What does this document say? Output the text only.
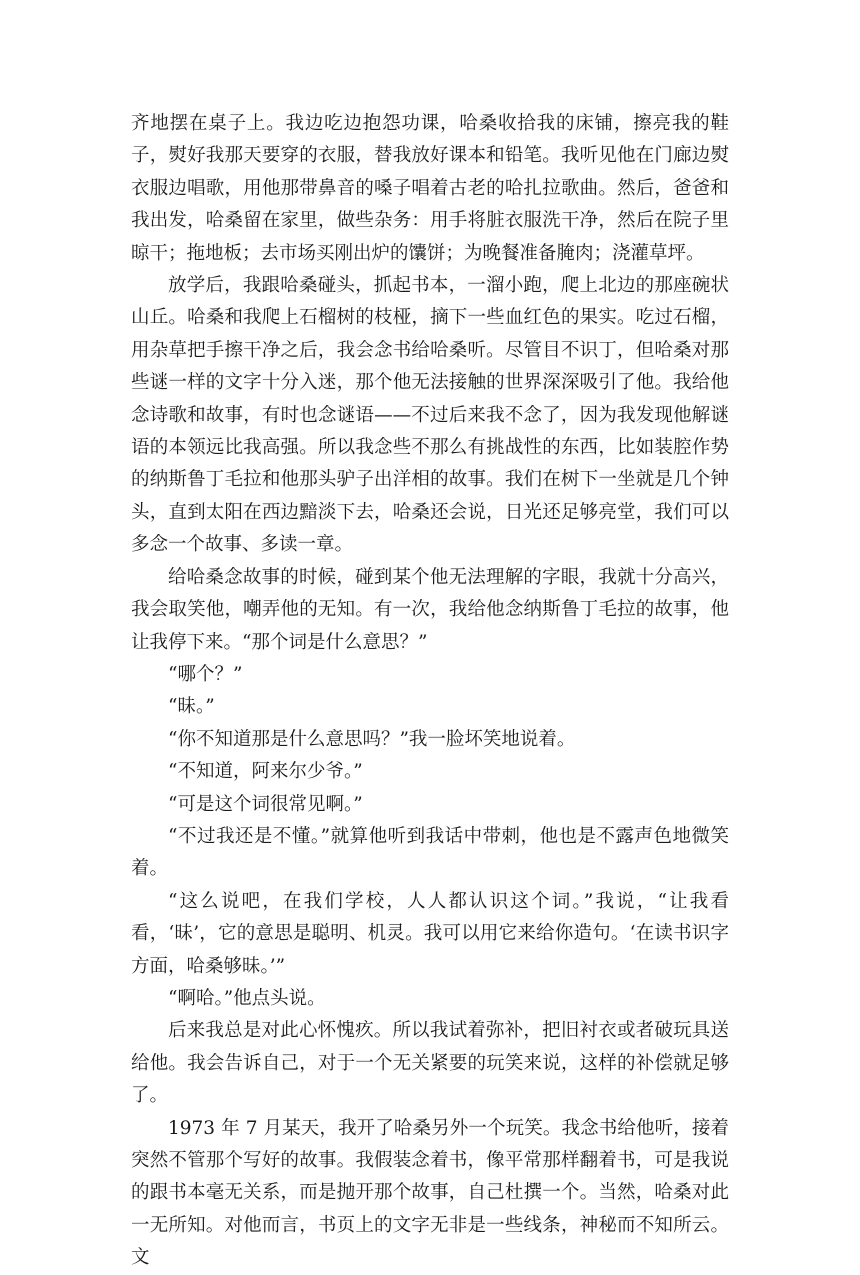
齐地摆在桌子上。我边吃边抱怨功课，哈桑收拾我的床铺，擦亮我的鞋子，熨好我那天要穿的衣服，替我放好课本和铅笔。我听见他在门廊边熨衣服边唱歌，用他那带鼻音的嗓子唱着古老的哈扎拉歌曲。然后，爸爸和我出发，哈桑留在家里，做些杂务：用手将脏衣服洗干净，然后在院子里晾干；拖地板；去市场买刚出炉的馕饼；为晚餐准备腌肉；浇灌草坪。

放学后，我跟哈桑碰头，抓起书本，一溜小跑，爬上北边的那座碗状山丘。哈桑和我爬上石榴树的枝桠，摘下一些血红色的果实。吃过石榴，用杂草把手擦干净之后，我会念书给哈桑听。尽管目不识丁，但哈桑对那些谜一样的文字十分入迷，那个他无法接触的世界深深吸引了他。我给他念诗歌和故事，有时也念谜语——不过后来我不念了，因为我发现他解谜语的本领远比我高强。所以我念些不那么有挑战性的东西，比如装腔作势的纳斯鲁丁毛拉和他那头驴子出洋相的故事。我们在树下一坐就是几个钟头，直到太阳在西边黯淡下去，哈桑还会说，日光还足够亮堂，我们可以多念一个故事、多读一章。

给哈桑念故事的时候，碰到某个他无法理解的字眼，我就十分高兴，我会取笑他，嘲弄他的无知。有一次，我给他念纳斯鲁丁毛拉的故事，他让我停下来。“那个词是什么意思？”

“哪个？”

“昧。”

“你不知道那是什么意思吗？”我一脸坏笑地说着。

“不知道，阿来尔少爷。”

“可是这个词很常见啊。”

“不过我还是不懂。”就算他听到我话中带刺，他也是不露声色地微笑着。

“这么说吧，在我们学校，人人都认识这个词。”我说，“让我看看，‘昧’，它的意思是聪明、机灵。我可以用它来给你造句。‘在读书识字方面，哈桑够昧。’”

“啊哈。”他点头说。

后来我总是对此心怀愧疚。所以我试着弥补，把旧衬衣或者破玩具送给他。我会告诉自己，对于一个无关紧要的玩笑来说，这样的补偿就足够了。

1973 年 7 月某天，我开了哈桑另外一个玩笑。我念书给他听，接着突然不管那个写好的故事。我假装念着书，像平常那样翻着书，可是我说的跟书本毫无关系，而是抛开那个故事，自己杜撰一个。当然，哈桑对此一无所知。对他而言，书页上的文字无非是一些线条，神秘而不知所云。文
